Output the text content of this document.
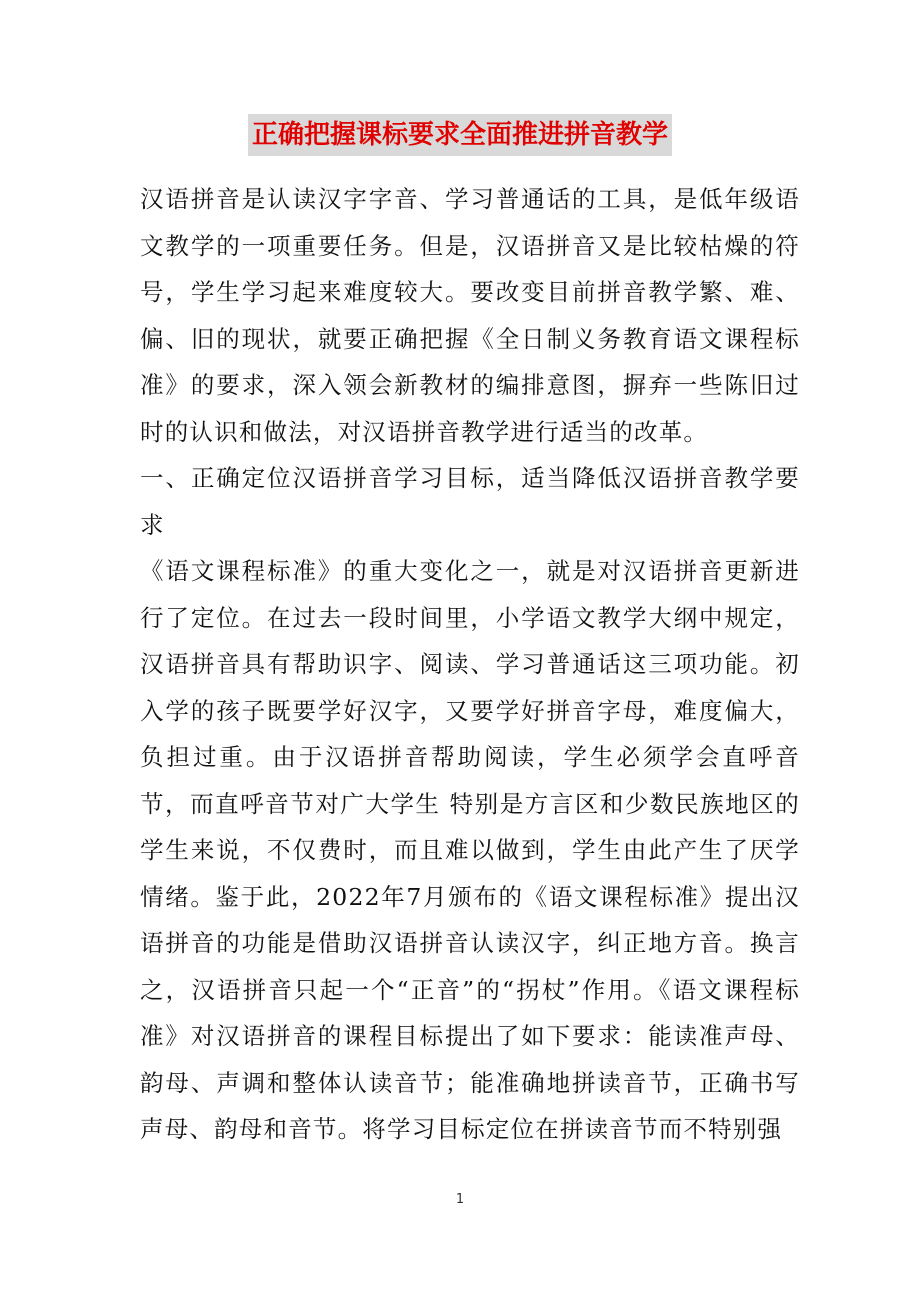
正确把握课标要求全面推进拼音教学

汉语拼音是认读汉字字音、学习普通话的工具，是低年级语文教学的一项重要任务。但是，汉语拼音又是比较枯燥的符号，学生学习起来难度较大。要改变目前拼音教学繁、难、偏、旧的现状，就要正确把握《全日制义务教育语文课程标准》的要求，深入领会新教材的编排意图，摒弃一些陈旧过时的认识和做法，对汉语拼音教学进行适当的改革。

一、正确定位汉语拼音学习目标，适当降低汉语拼音教学要求

《语文课程标准》的重大变化之一，就是对汉语拼音更新进行了定位。在过去一段时间里，小学语文教学大纲中规定，汉语拼音具有帮助识字、阅读、学习普通话这三项功能。初入学的孩子既要学好汉字，又要学好拼音字母，难度偏大，负担过重。由于汉语拼音帮助阅读，学生必须学会直呼音节，而直呼音节对广大学生 特别是方言区和少数民族地区的学生来说，不仅费时，而且难以做到，学生由此产生了厌学情绪。鉴于此，2022年7月颁布的《语文课程标准》提出汉语拼音的功能是借助汉语拼音认读汉字，纠正地方音。换言之，汉语拼音只起一个“正音”的“拐杖”作用。《语文课程标准》对汉语拼音的课程目标提出了如下要求：能读准声母、韵母、声调和整体认读音节；能准确地拼读音节，正确书写声母、韵母和音节。将学习目标定位在拼读音节而不特别强

1
